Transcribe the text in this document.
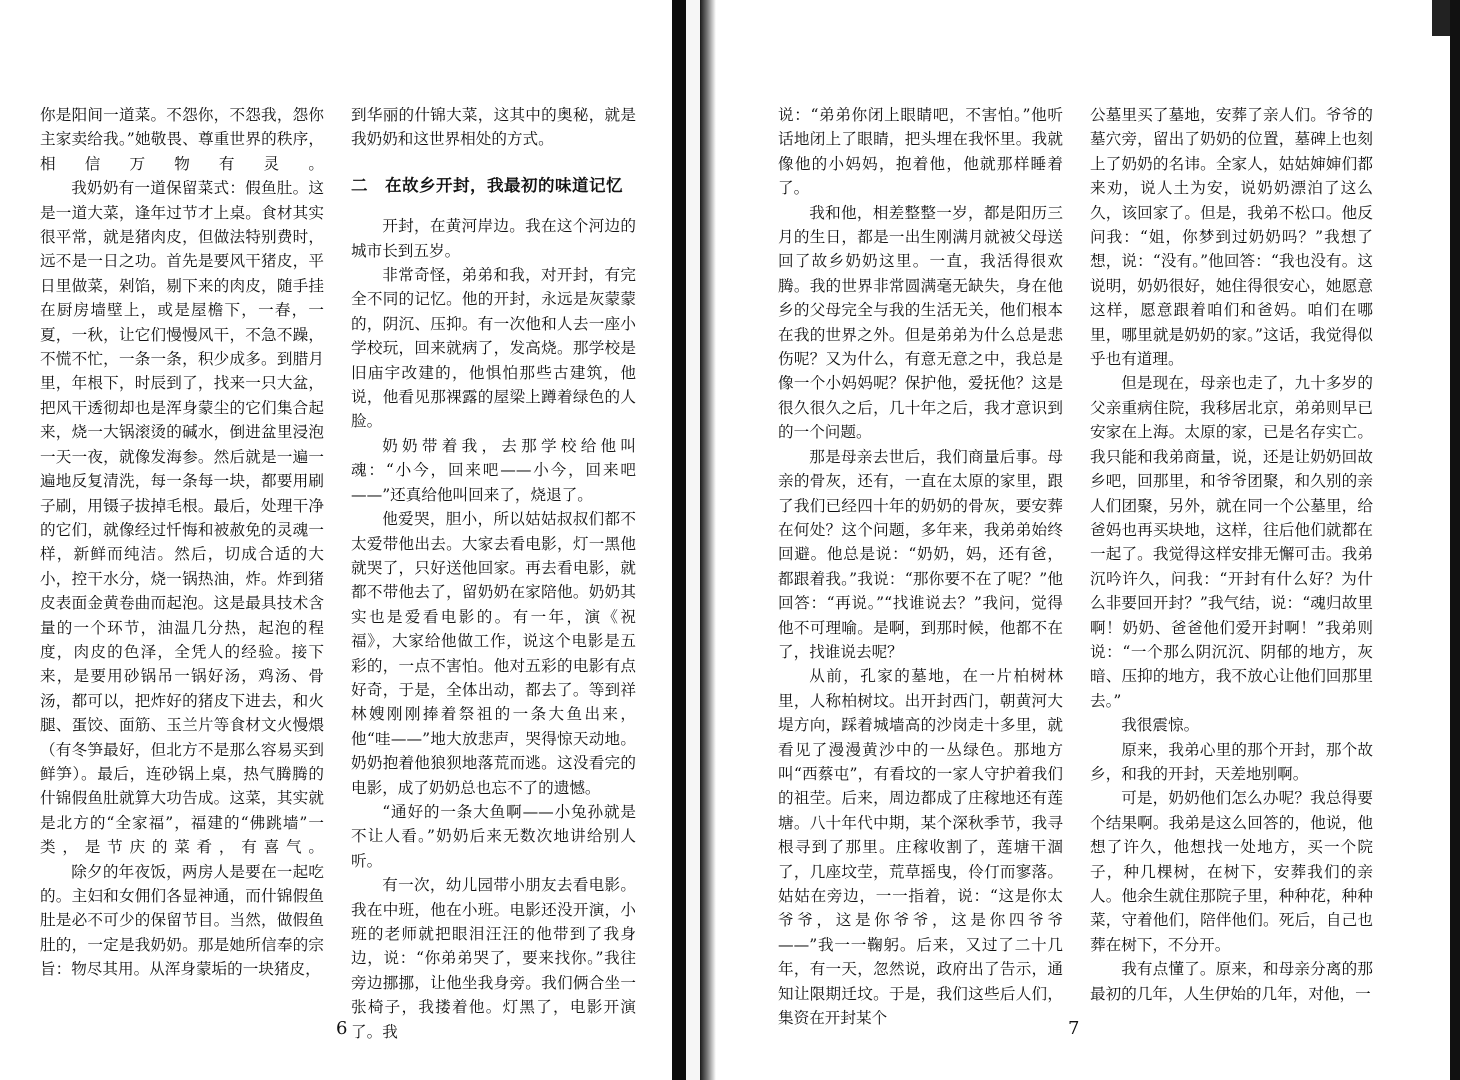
你是阳间一道菜。不怨你，不怨我，怨你主家卖给我。”她敬畏、尊重世界的秩序，相信万物有灵。

我奶奶有一道保留菜式：假鱼肚。这是一道大菜，逢年过节才上桌。食材其实很平常，就是猪肉皮，但做法特别费时，远不是一日之功。首先是要风干猪皮，平日里做菜，剁馅，剔下来的肉皮，随手挂在厨房墙壁上，或是屋檐下，一春，一夏，一秋，让它们慢慢风干，不急不躁，不慌不忙，一条一条，积少成多。到腊月里，年根下，时辰到了，找来一只大盆，把风干透彻却也是浑身蒙尘的它们集合起来，烧一大锅滚烫的碱水，倒进盆里浸泡一天一夜，就像发海参。然后就是一遍一遍地反复清洗，每一条每一块，都要用刷子刷，用镊子拔掉毛根。最后，处理干净的它们，就像经过忏悔和被赦免的灵魂一样，新鲜而纯洁。然后，切成合适的大小，控干水分，烧一锅热油，炸。炸到猪皮表面金黄卷曲而起泡。这是最具技术含量的一个环节，油温几分热，起泡的程度，肉皮的色泽，全凭人的经验。接下来，是要用砂锅吊一锅好汤，鸡汤、骨汤，都可以，把炸好的猪皮下进去，和火腿、蛋饺、面筋、玉兰片等食材文火慢煨（有冬笋最好，但北方不是那么容易买到鲜笋）。最后，连砂锅上桌，热气腾腾的什锦假鱼肚就算大功告成。这菜，其实就是北方的“全家福”，福建的“佛跳墙”一类，是节庆的菜肴，有喜气。

除夕的年夜饭，两房人是要在一起吃的。主妇和女佣们各显神通，而什锦假鱼肚是必不可少的保留节目。当然，做假鱼肚的，一定是我奶奶。那是她所信奉的宗旨：物尽其用。从浑身蒙垢的一块猪皮，

到华丽的什锦大菜，这其中的奥秘，就是我奶奶和这世界相处的方式。

二　在故乡开封，我最初的味道记忆

开封，在黄河岸边。我在这个河边的城市长到五岁。

非常奇怪，弟弟和我，对开封，有完全不同的记忆。他的开封，永远是灰蒙蒙的，阴沉、压抑。有一次他和人去一座小学校玩，回来就病了，发高烧。那学校是旧庙宇改建的，他惧怕那些古建筑，他说，他看见那裸露的屋梁上蹲着绿色的人脸。

奶奶带着我，去那学校给他叫魂：“小今，回来吧——小今，回来吧——”还真给他叫回来了，烧退了。

他爱哭，胆小，所以姑姑叔叔们都不太爱带他出去。大家去看电影，灯一黑他就哭了，只好送他回家。再去看电影，就都不带他去了，留奶奶在家陪他。奶奶其实也是爱看电影的。有一年，演《祝福》，大家给他做工作，说这个电影是五彩的，一点不害怕。他对五彩的电影有点好奇，于是，全体出动，都去了。等到祥林嫂刚刚捧着祭祖的一条大鱼出来，他“哇——”地大放悲声，哭得惊天动地。奶奶抱着他狼狈地落荒而逃。这没看完的电影，成了奶奶总也忘不了的遗憾。

“通好的一条大鱼啊——小兔孙就是不让人看。”奶奶后来无数次地讲给别人听。

有一次，幼儿园带小朋友去看电影。我在中班，他在小班。电影还没开演，小班的老师就把眼泪汪汪的他带到了我身边，说：“你弟弟哭了，要来找你。”我往旁边挪挪，让他坐我身旁。我们俩合坐一张椅子，我搂着他。灯黑了，电影开演了。我

6

说：“弟弟你闭上眼睛吧，不害怕。”他听话地闭上了眼睛，把头埋在我怀里。我就像他的小妈妈，抱着他，他就那样睡着了。

我和他，相差整整一岁，都是阳历三月的生日，都是一出生刚满月就被父母送回了故乡奶奶这里。一直，我活得很欢腾。我的世界非常圆满毫无缺失，身在他乡的父母完全与我的生活无关，他们根本在我的世界之外。但是弟弟为什么总是悲伤呢？又为什么，有意无意之中，我总是像一个小妈妈呢？保护他，爱抚他？这是很久很久之后，几十年之后，我才意识到的一个问题。

那是母亲去世后，我们商量后事。母亲的骨灰，还有，一直在太原的家里，跟了我们已经四十年的奶奶的骨灰，要安葬在何处？这个问题，多年来，我弟弟始终回避。他总是说：“奶奶，妈，还有爸，都跟着我。”我说：“那你要不在了呢？”他回答：“再说。”“找谁说去？”我问，觉得他不可理喻。是啊，到那时候，他都不在了，找谁说去呢？

从前，孔家的墓地，在一片柏树林里，人称柏树坟。出开封西门，朝黄河大堤方向，踩着城墙高的沙岗走十多里，就看见了漫漫黄沙中的一丛绿色。那地方叫“西蔡屯”，有看坟的一家人守护着我们的祖茔。后来，周边都成了庄稼地还有莲塘。八十年代中期，某个深秋季节，我寻根寻到了那里。庄稼收割了，莲塘干涸了，几座坟茔，荒草摇曳，伶仃而寥落。姑姑在旁边，一一指着，说：“这是你太爷爷，这是你爷爷，这是你四爷爷——”我一一鞠躬。后来，又过了二十几年，有一天，忽然说，政府出了告示，通知让限期迁坟。于是，我们这些后人们，集资在开封某个

公墓里买了墓地，安葬了亲人们。爷爷的墓穴旁，留出了奶奶的位置，墓碑上也刻上了奶奶的名讳。全家人，姑姑婶婶们都来劝，说人土为安，说奶奶漂泊了这么久，该回家了。但是，我弟不松口。他反问我：“姐，你梦到过奶奶吗？”我想了想，说：“没有。”他回答：“我也没有。这说明，奶奶很好，她住得很安心，她愿意这样，愿意跟着咱们和爸妈。咱们在哪里，哪里就是奶奶的家。”这话，我觉得似乎也有道理。

但是现在，母亲也走了，九十多岁的父亲重病住院，我移居北京，弟弟则早已安家在上海。太原的家，已是名存实亡。我只能和我弟商量，说，还是让奶奶回故乡吧，回那里，和爷爷团聚，和久别的亲人们团聚，另外，就在同一个公墓里，给爸妈也再买块地，这样，往后他们就都在一起了。我觉得这样安排无懈可击。我弟沉吟许久，问我：“开封有什么好？为什么非要回开封？”我气结，说：“魂归故里啊！奶奶、爸爸他们爱开封啊！”我弟则说：“一个那么阴沉沉、阴郁的地方，灰暗、压抑的地方，我不放心让他们回那里去。”

我很震惊。

原来，我弟心里的那个开封，那个故乡，和我的开封，天差地别啊。

可是，奶奶他们怎么办呢？我总得要个结果啊。我弟是这么回答的，他说，他想了许久，他想找一处地方，买一个院子，种几棵树，在树下，安葬我们的亲人。他余生就住那院子里，种种花，种种菜，守着他们，陪伴他们。死后，自己也葬在树下，不分开。

我有点懂了。原来，和母亲分离的那最初的几年，人生伊始的几年，对他，一

7
